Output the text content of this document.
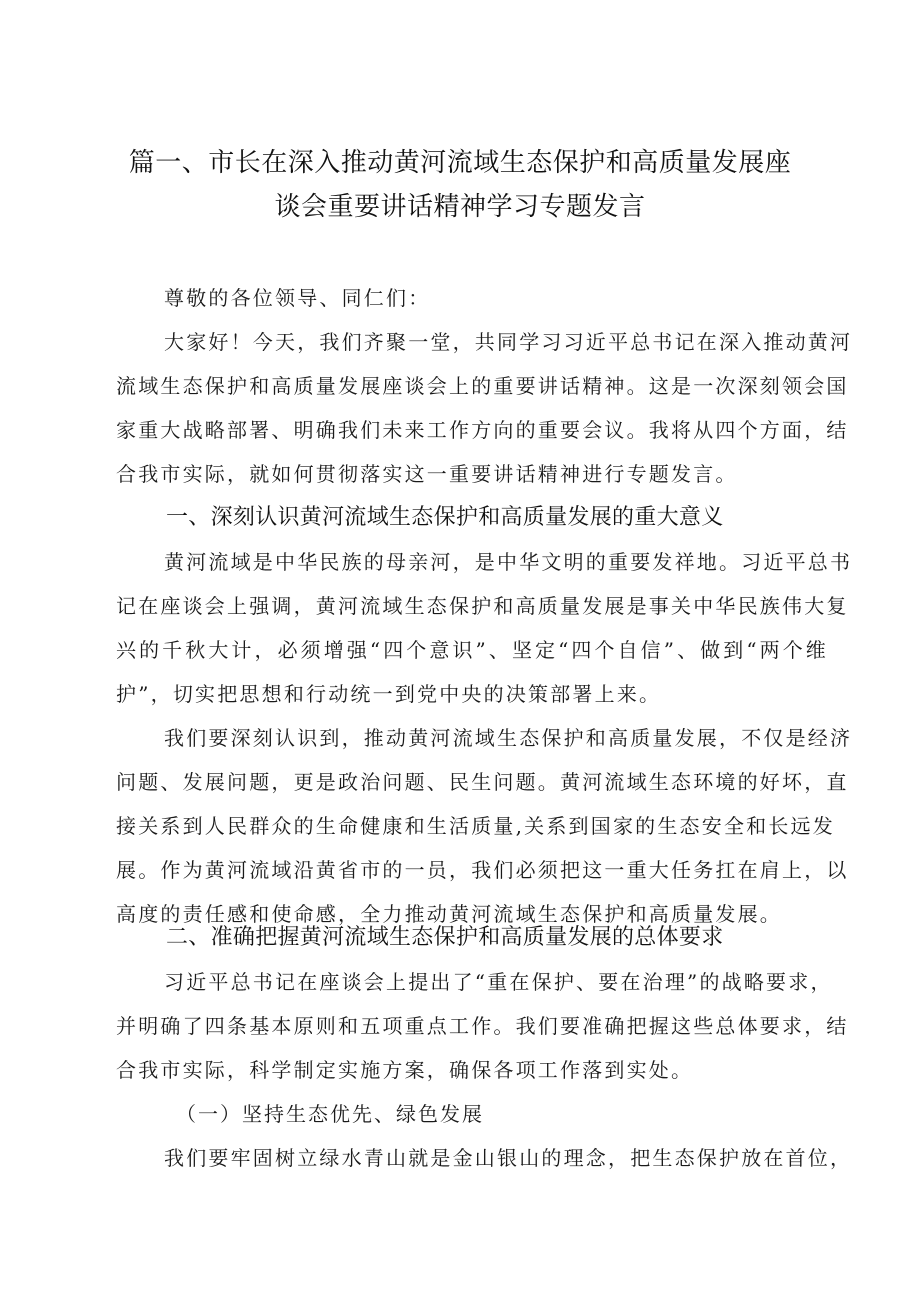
篇一、市长在深入推动黄河流域生态保护和高质量发展座
谈会重要讲话精神学习专题发言
尊敬的各位领导、同仁们：
大家好！今天，我们齐聚一堂，共同学习习近平总书记在深入推动黄河
流域生态保护和高质量发展座谈会上的重要讲话精神。这是一次深刻领会国
家重大战略部署、明确我们未来工作方向的重要会议。我将从四个方面，结
合我市实际，就如何贯彻落实这一重要讲话精神进行专题发言。
一、深刻认识黄河流域生态保护和高质量发展的重大意义
黄河流域是中华民族的母亲河，是中华文明的重要发祥地。习近平总书
记在座谈会上强调，黄河流域生态保护和高质量发展是事关中华民族伟大复
兴的千秋大计，必须增强“四个意识”、坚定“四个自信”、做到“两个维
护”，切实把思想和行动统一到党中央的决策部署上来。
我们要深刻认识到，推动黄河流域生态保护和高质量发展，不仅是经济
问题、发展问题，更是政治问题、民生问题。黄河流域生态环境的好坏，直
接关系到人民群众的生命健康和生活质量,关系到国家的生态安全和长远发
展。作为黄河流域沿黄省市的一员，我们必须把这一重大任务扛在肩上，以
高度的责任感和使命感，全力推动黄河流域生态保护和高质量发展。
二、准确把握黄河流域生态保护和高质量发展的总体要求
习近平总书记在座谈会上提出了“重在保护、要在治理”的战略要求，
并明确了四条基本原则和五项重点工作。我们要准确把握这些总体要求，结
合我市实际，科学制定实施方案，确保各项工作落到实处。
（一）坚持生态优先、绿色发展
我们要牢固树立绿水青山就是金山银山的理念，把生态保护放在首位，
